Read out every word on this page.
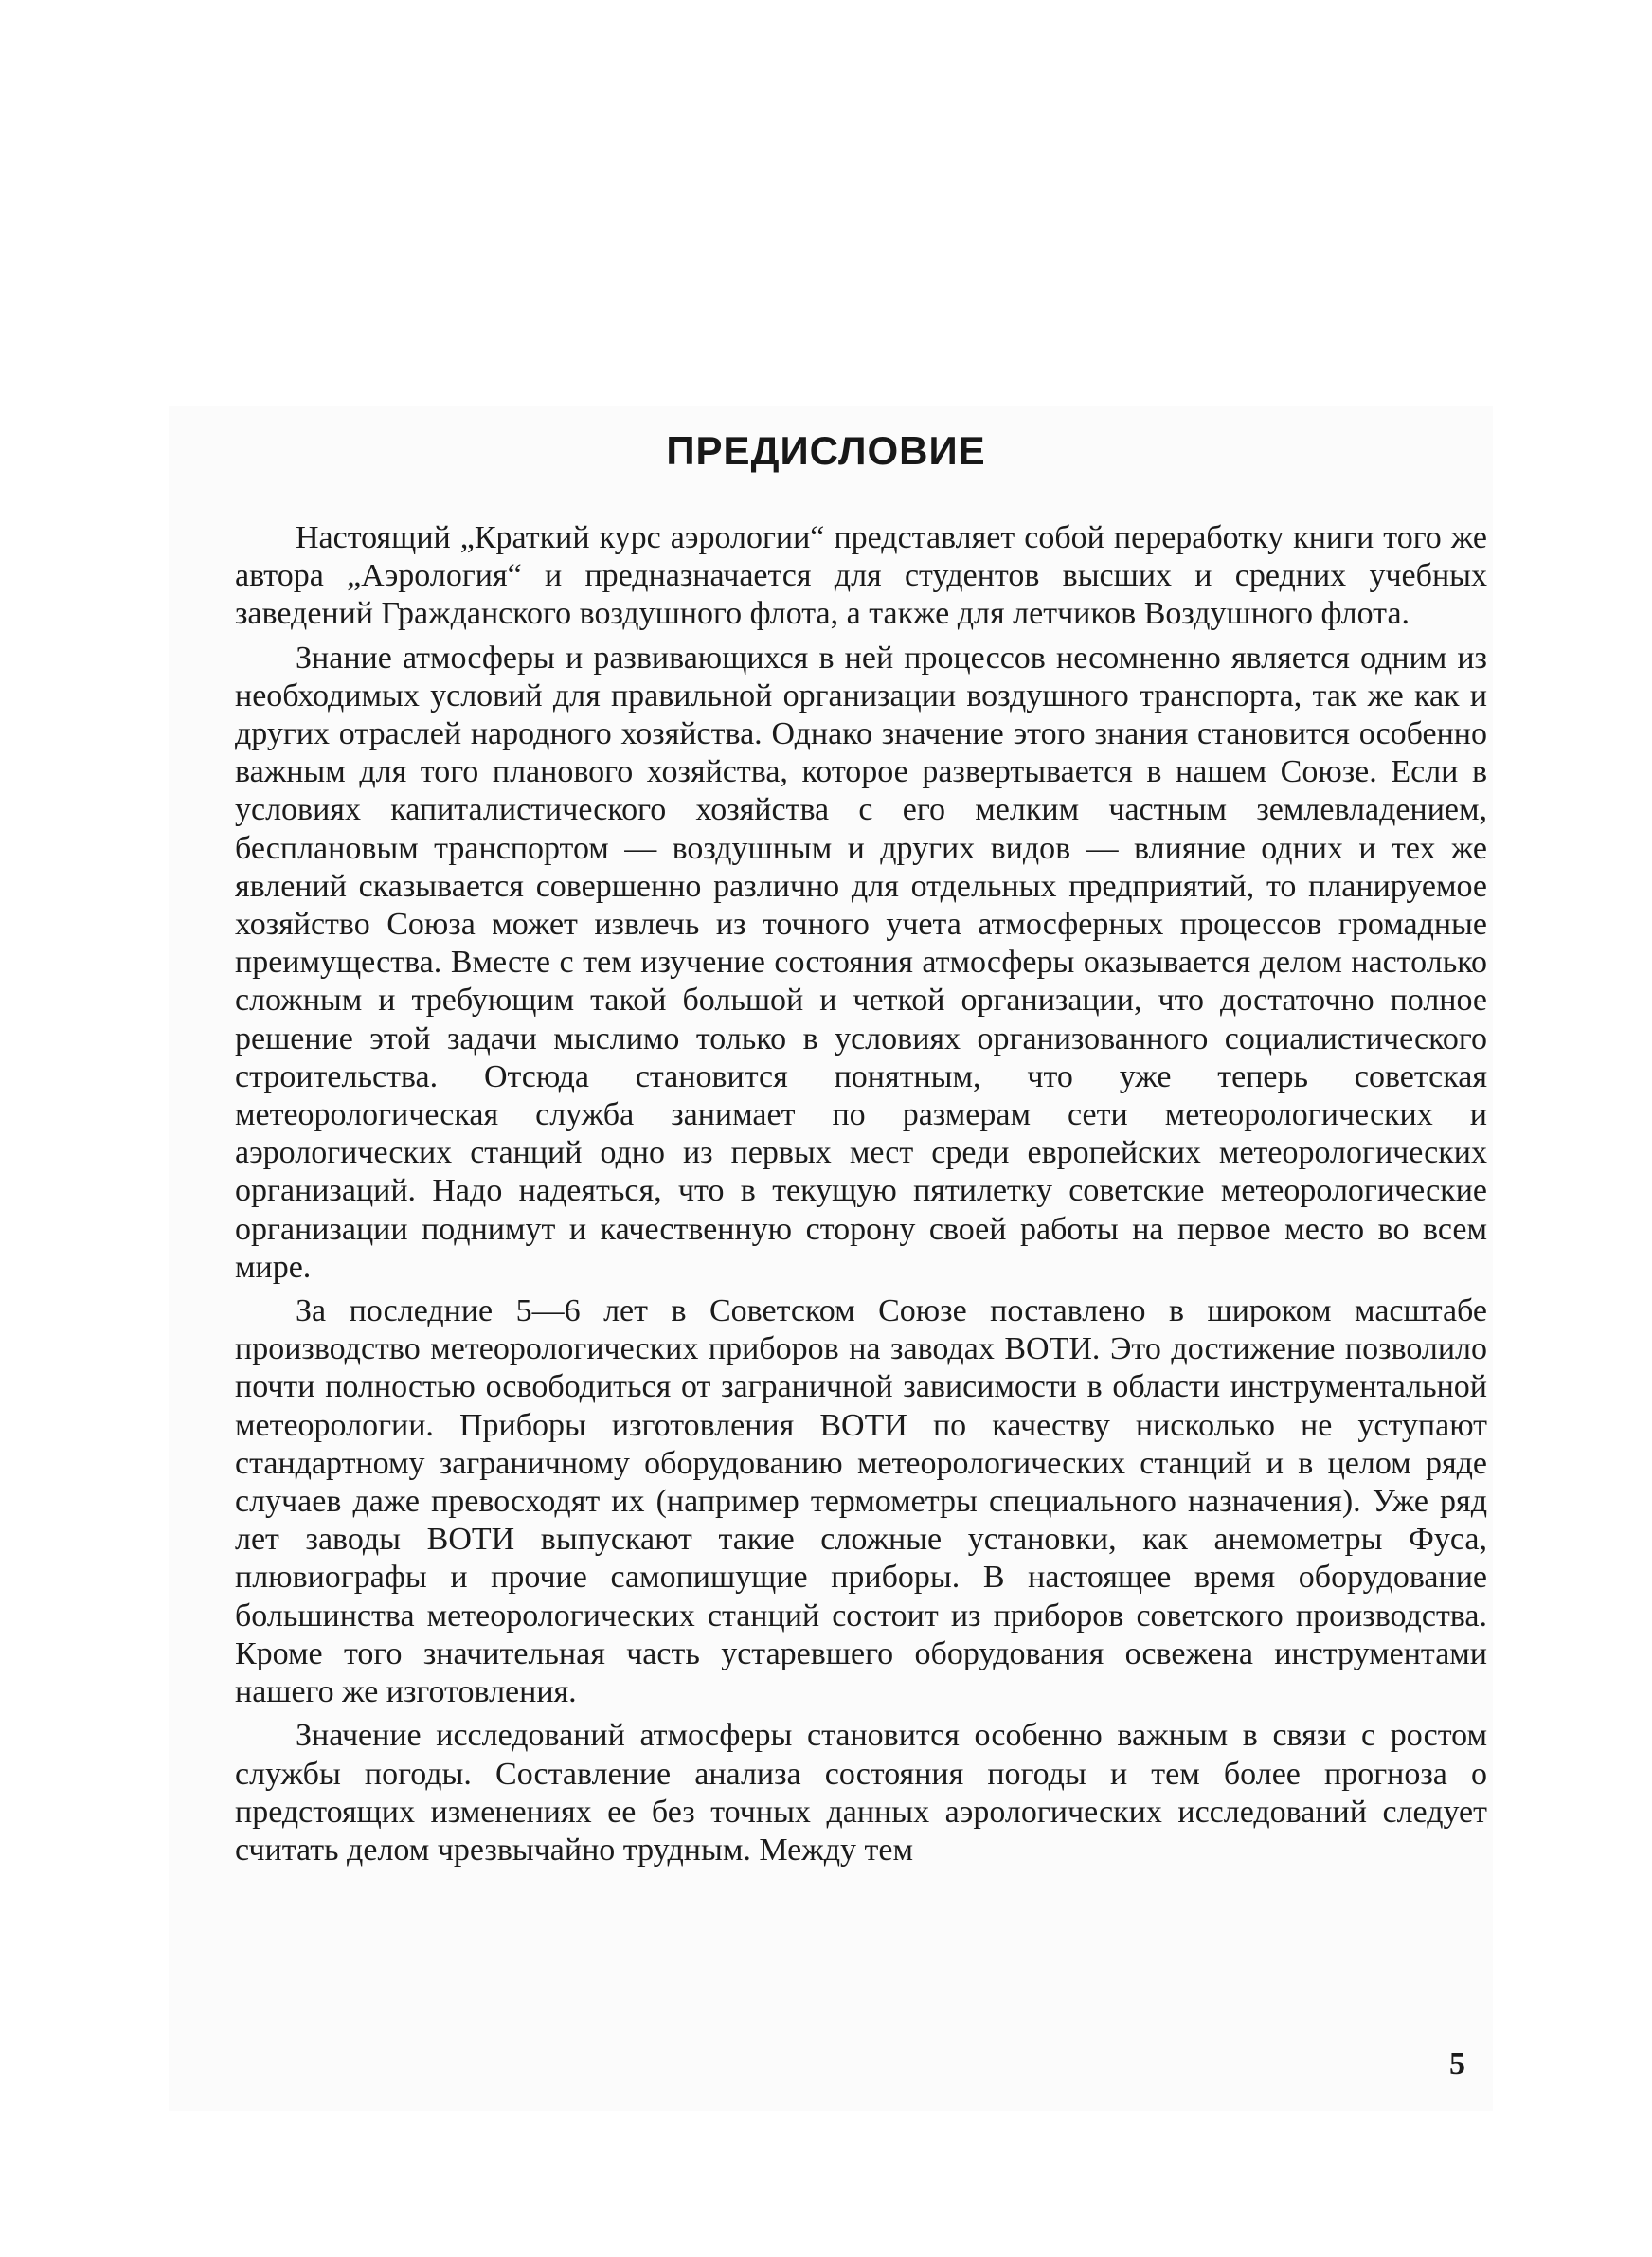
ПРЕДИСЛОВИЕ

Настоящий „Краткий курс аэрологии“ представляет собой переработку книги того же автора „Аэрология“ и предназначается для студентов высших и средних учебных заведений Гражданского воздушного флота, а также для летчиков Воздушного флота.

Знание атмосферы и развивающихся в ней процессов несомненно является одним из необходимых условий для правильной организации воздушного транспорта, так же как и других отраслей народного хозяйства. Однако значение этого знания становится особенно важным для того планового хозяйства, которое развертывается в нашем Союзе. Если в условиях капиталистического хозяйства с его мелким частным землевладением, бесплановым транспортом — воздушным и других видов — влияние одних и тех же явлений сказывается совершенно различно для отдельных предприятий, то планируемое хозяйство Союза может извлечь из точного учета атмосферных процессов громадные преимущества. Вместе с тем изучение состояния атмосферы оказывается делом настолько сложным и требующим такой большой и четкой организации, что достаточно полное решение этой задачи мыслимо только в условиях организованного социалистического строительства. Отсюда становится понятным, что уже теперь советская метеорологическая служба занимает по размерам сети метеорологических и аэрологических станций одно из первых мест среди европейских метеорологических организаций. Надо надеяться, что в текущую пятилетку советские метеорологические организации поднимут и качественную сторону своей работы на первое место во всем мире.

За последние 5—6 лет в Советском Союзе поставлено в широком масштабе производство метеорологических приборов на заводах ВОТИ. Это достижение позволило почти полностью освободиться от заграничной зависимости в области инструментальной метеорологии. Приборы изготовления ВОТИ по качеству нисколько не уступают стандартному заграничному оборудованию метеорологических станций и в целом ряде случаев даже превосходят их (например термометры специального назначения). Уже ряд лет заводы ВОТИ выпускают такие сложные установки, как анемометры Фуса, плювиографы и прочие самопишущие приборы. В настоящее время оборудование большинства метеорологических станций состоит из приборов советского производства. Кроме того значительная часть устаревшего оборудования освежена инструментами нашего же изготовления.

Значение исследований атмосферы становится особенно важным в связи с ростом службы погоды. Составление анализа состояния погоды и тем более прогноза о предстоящих изменениях ее без точных данных аэрологических исследований следует считать делом чрезвычайно трудным. Между тем

5
